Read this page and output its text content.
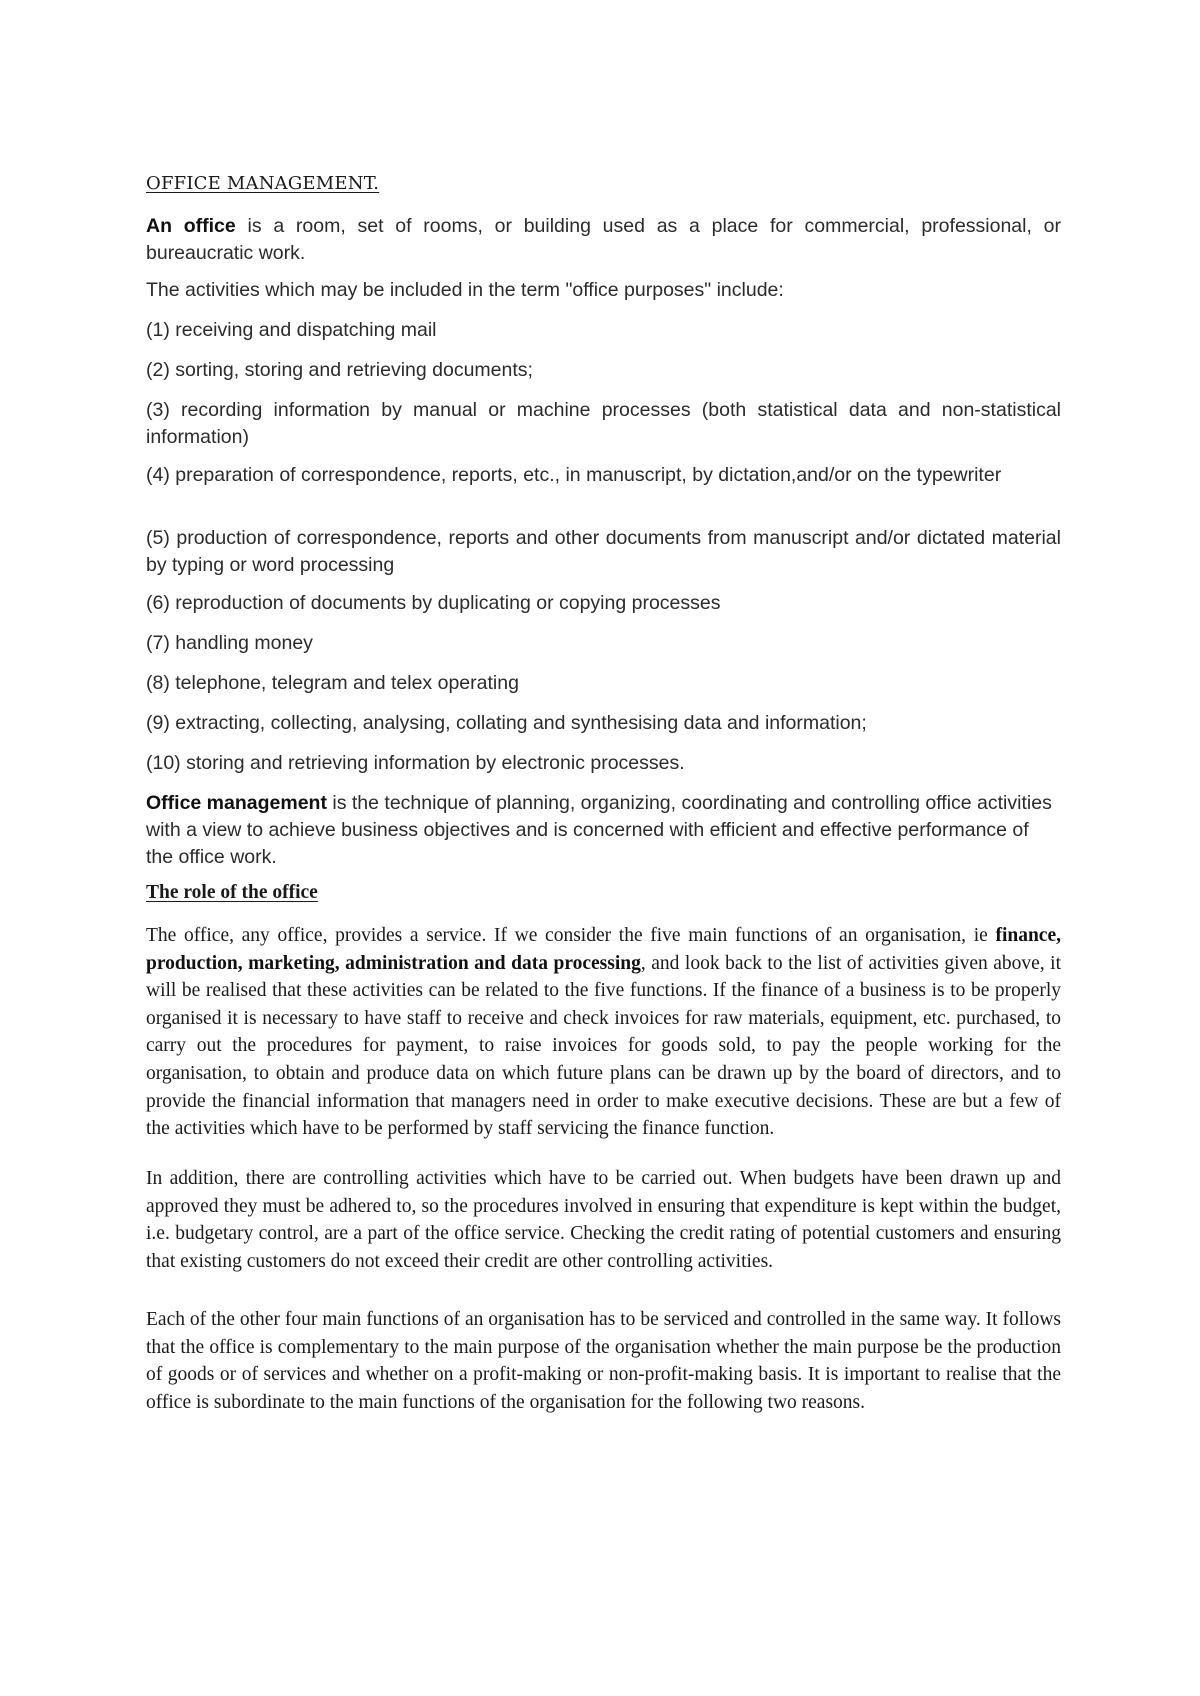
OFFICE MANAGEMENT.

An office is a room, set of rooms, or building used as a place for commercial, professional, or bureaucratic work.

The activities which may be included in the term "office purposes" include:

(1) receiving and dispatching mail

(2) sorting, storing and retrieving documents;

(3) recording information by manual or machine processes (both statistical data and non-statistical information)

(4) preparation of correspondence, reports, etc., in manuscript, by dictation,and/or on the typewriter

(5) production of correspondence, reports and other documents from manuscript and/or dictated material by typing or word processing

(6) reproduction of documents by duplicating or copying processes

(7) handling money

(8) telephone, telegram and telex operating

(9) extracting, collecting, analysing, collating and synthesising data and information;

(10) storing and retrieving information by electronic processes.

Office management is the technique of planning, organizing, coordinating and controlling office activities with a view to achieve business objectives and is concerned with efficient and effective performance of the office work.

The role of the office

The office, any office, provides a service. If we consider the five main functions of an organisation, ie finance, production, marketing, administration and data processing, and look back to the list of activities given above, it will be realised that these activities can be related to the five functions. If the finance of a business is to be properly organised it is necessary to have staff to receive and check invoices for raw materials, equipment, etc. purchased, to carry out the procedures for payment, to raise invoices for goods sold, to pay the people working for the organisation, to obtain and produce data on which future plans can be drawn up by the board of directors, and to provide the financial information that managers need in order to make executive decisions. These are but a few of the activities which have to be performed by staff servicing the finance function.

In addition, there are controlling activities which have to be carried out. When budgets have been drawn up and approved they must be adhered to, so the procedures involved in ensuring that expenditure is kept within the budget, i.e. budgetary control, are a part of the office service. Checking the credit rating of potential customers and ensuring that existing customers do not exceed their credit are other controlling activities.

Each of the other four main functions of an organisation has to be serviced and controlled in the same way. It follows that the office is complementary to the main purpose of the organisation whether the main purpose be the production of goods or of services and whether on a profit-making or non-profit-making basis. It is important to realise that the office is subordinate to the main functions of the organisation for the following two reasons.
